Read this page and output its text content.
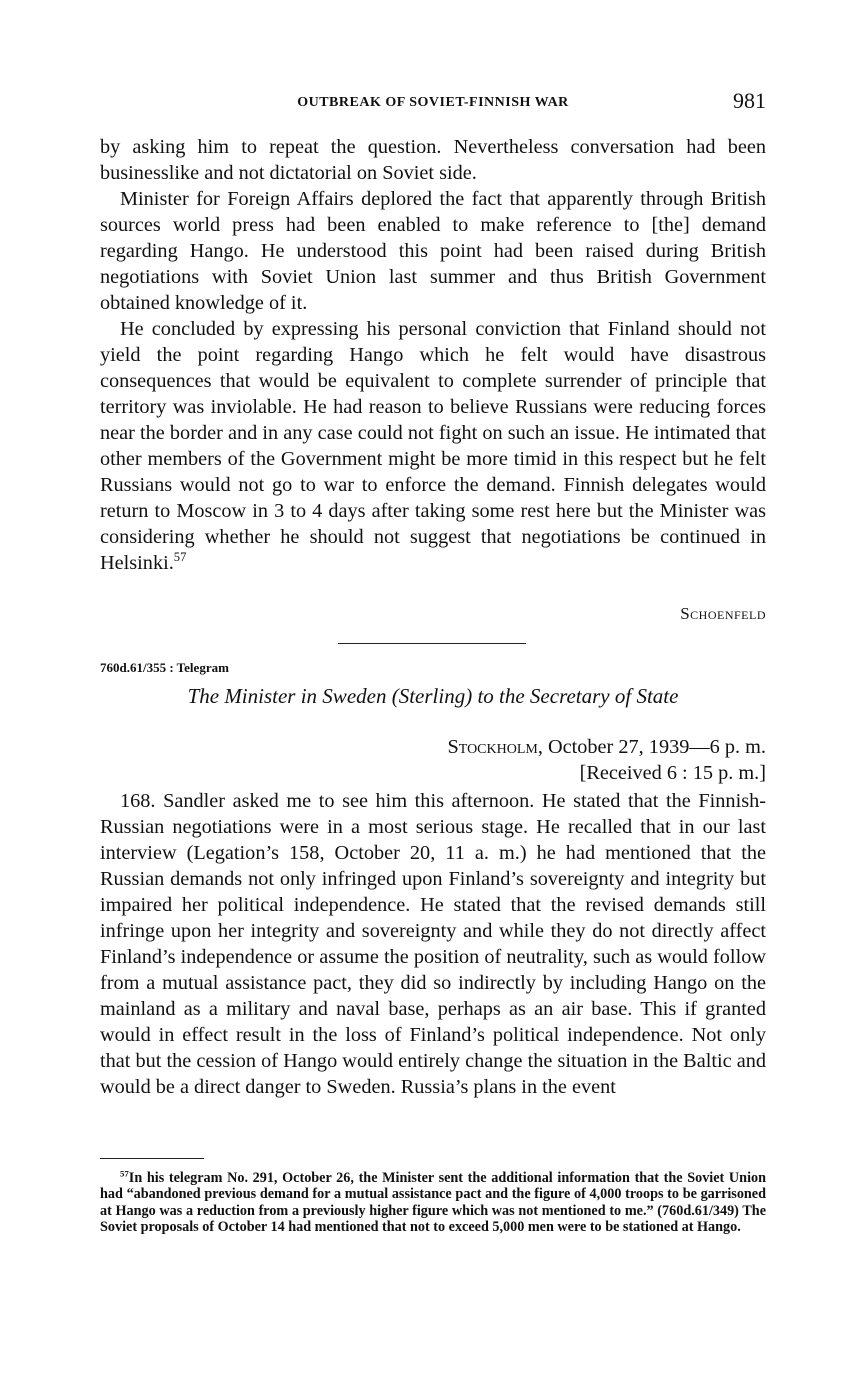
OUTBREAK OF SOVIET-FINNISH WAR	981

by asking him to repeat the question. Nevertheless conversation had been businesslike and not dictatorial on Soviet side.

Minister for Foreign Affairs deplored the fact that apparently through British sources world press had been enabled to make reference to [the] demand regarding Hango. He understood this point had been raised during British negotiations with Soviet Union last summer and thus British Government obtained knowledge of it.

He concluded by expressing his personal conviction that Finland should not yield the point regarding Hango which he felt would have disastrous consequences that would be equivalent to complete surrender of principle that territory was inviolable. He had reason to believe Russians were reducing forces near the border and in any case could not fight on such an issue. He intimated that other members of the Government might be more timid in this respect but he felt Russians would not go to war to enforce the demand. Finnish delegates would return to Moscow in 3 to 4 days after taking some rest here but the Minister was considering whether he should not suggest that negotiations be continued in Helsinki.$^{57}$

Schoenfeld
760d.61/355 : Telegram
The Minister in Sweden (Sterling) to the Secretary of State
Stockholm, October 27, 1939—6 p. m.
[Received 6 : 15 p. m.]

168. Sandler asked me to see him this afternoon. He stated that the Finnish-Russian negotiations were in a most serious stage. He recalled that in our last interview (Legation’s 158, October 20, 11 a. m.) he had mentioned that the Russian demands not only infringed upon Finland’s sovereignty and integrity but impaired her political independence. He stated that the revised demands still infringe upon her integrity and sovereignty and while they do not directly affect Finland’s independence or assume the position of neutrality, such as would follow from a mutual assistance pact, they did so indirectly by including Hango on the mainland as a military and naval base, perhaps as an air base. This if granted would in effect result in the loss of Finland’s political independence. Not only that but the cession of Hango would entirely change the situation in the Baltic and would be a direct danger to Sweden. Russia’s plans in the event

$^{57}$In his telegram No. 291, October 26, the Minister sent the additional information that the Soviet Union had “abandoned previous demand for a mutual assistance pact and the figure of 4,000 troops to be garrisoned at Hango was a reduction from a previously higher figure which was not mentioned to me.” (760d.61/349) The Soviet proposals of October 14 had mentioned that not to exceed 5,000 men were to be stationed at Hango.
